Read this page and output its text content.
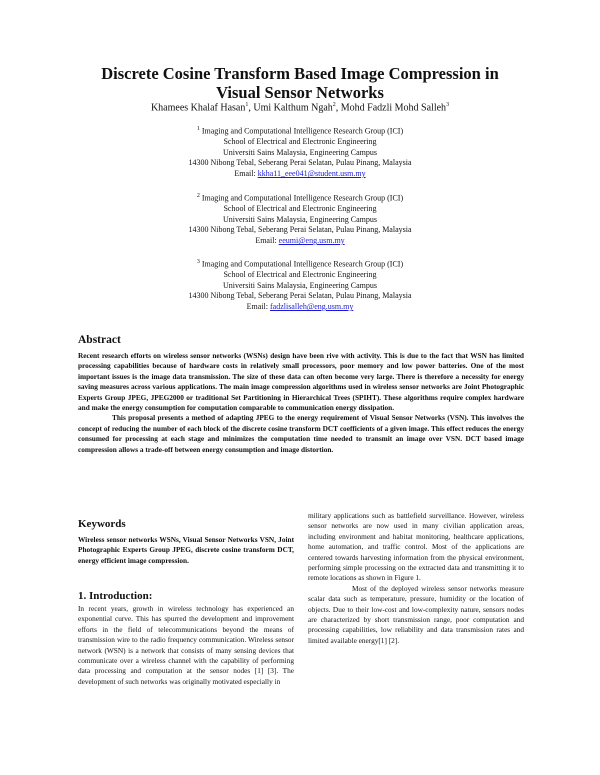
Discrete Cosine Transform Based Image Compression in
Visual Sensor Networks
Khamees Khalaf Hasan$^1$, Umi Kalthum Ngah$^2$, Mohd Fadzli Mohd Salleh$^3$
$^1$ Imaging and Computational Intelligence Research Group (ICI)
School of Electrical and Electronic Engineering
Universiti Sains Malaysia, Engineering Campus
14300 Nibong Tebal, Seberang Perai Selatan, Pulau Pinang, Malaysia
Email: kkha11_eee041@student.usm.my
$^2$ Imaging and Computational Intelligence Research Group (ICI)
School of Electrical and Electronic Engineering
Universiti Sains Malaysia, Engineering Campus
14300 Nibong Tebal, Seberang Perai Selatan, Pulau Pinang, Malaysia
Email: eeumi@eng.usm.my
$^3$ Imaging and Computational Intelligence Research Group (ICI)
School of Electrical and Electronic Engineering
Universiti Sains Malaysia, Engineering Campus
14300 Nibong Tebal, Seberang Perai Selatan, Pulau Pinang, Malaysia
Email: fadzlisalleh@eng.usm.my
Abstract

Recent research efforts on wireless sensor networks (WSNs) design have been rive with activity. This is due to the fact that WSN has limited processing capabilities because of hardware costs in relatively small processors, poor memory and low power batteries. One of the most important issues is the image data transmission. The size of these data can often become very large. There is therefore a necessity for energy saving measures across various applications. The main image compression algorithms used in wireless sensor networks are Joint Photographic Experts Group JPEG, JPEG2000 or traditional Set Partitioning in Hierarchical Trees (SPIHT). These algorithms require complex hardware and make the energy consumption for computation comparable to communication energy dissipation.

This proposal presents a method of adapting JPEG to the energy requirement of Visual Sensor Networks (VSN). This involves the concept of reducing the number of each block of the discrete cosine transform DCT coefficients of a given image. This effect reduces the energy consumed for processing at each stage and minimizes the computation time needed to transmit an image over VSN. DCT based image compression allows a trade-off between energy consumption and image distortion.

Keywords
Wireless sensor networks WSNs, Visual Sensor Networks VSN, Joint Photographic Experts Group JPEG, discrete cosine transform DCT, energy efficient image compression.
1. Introduction:

In recent years, growth in wireless technology has experienced an exponential curve. This has spurred the development and improvement efforts in the field of telecommunications beyond the means of transmission wire to the radio frequency communication. Wireless sensor network (WSN) is a network that consists of many sensing devices that communicate over a wireless channel with the capability of performing data processing and computation at the sensor nodes [1] [3]. The development of such networks was originally motivated especially in

military applications such as battlefield surveillance. However, wireless sensor networks are now used in many civilian application areas, including environment and habitat monitoring, healthcare applications, home automation, and traffic control. Most of the applications are centered towards harvesting information from the physical environment, performing simple processing on the extracted data and transmitting it to remote locations as shown in Figure 1.

Most of the deployed wireless sensor networks measure scalar data such as temperature, pressure, humidity or the location of objects. Due to their low-cost and low-complexity nature, sensors nodes are characterized by short transmission range, poor computation and processing capabilities, low reliability and data transmission rates and limited available energy[1] [2].
